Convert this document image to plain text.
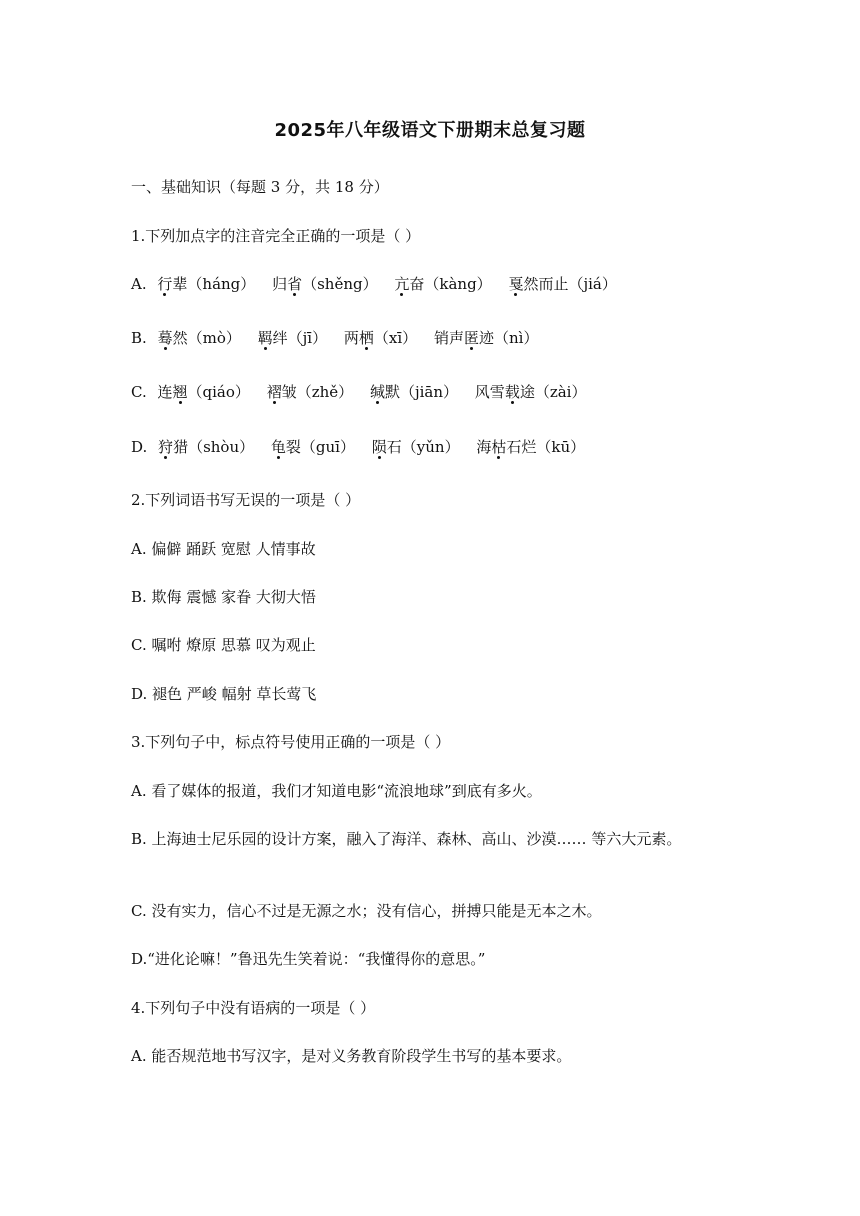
2025年八年级语文下册期末总复习题
一、基础知识（每题 3 分，共 18 分）
1.下列加点字的注音完全正确的一项是（ ）
A. 行辈（háng） 归省（shěng） 亢奋（kàng） 戛然而止（jiá）
B. 蓦然（mò） 羁绊（jī） 两栖（xī） 销声匿迹（nì）
C. 连翘（qiáo） 褶皱（zhě） 缄默（jiān） 风雪载途（zài）
D. 狩猎（shòu） 龟裂（guī） 陨石（yǔn） 海枯石烂（kū）
2.下列词语书写无误的一项是（ ）
A. 偏僻 踊跃 宽慰 人情事故
B. 欺侮 震憾 家眷 大彻大悟
C. 嘱咐 燎原 思慕 叹为观止
D. 褪色 严峻 幅射 草长莺飞
3.下列句子中，标点符号使用正确的一项是（ ）
A. 看了媒体的报道，我们才知道电影“流浪地球”到底有多火。
B. 上海迪士尼乐园的设计方案，融入了海洋、森林、高山、沙漠…… 等六大元素。
C. 没有实力，信心不过是无源之水；没有信心，拼搏只能是无本之木。
D.“进化论嘛！”鲁迅先生笑着说：“我懂得你的意思。”
4.下列句子中没有语病的一项是（ ）
A. 能否规范地书写汉字，是对义务教育阶段学生书写的基本要求。
